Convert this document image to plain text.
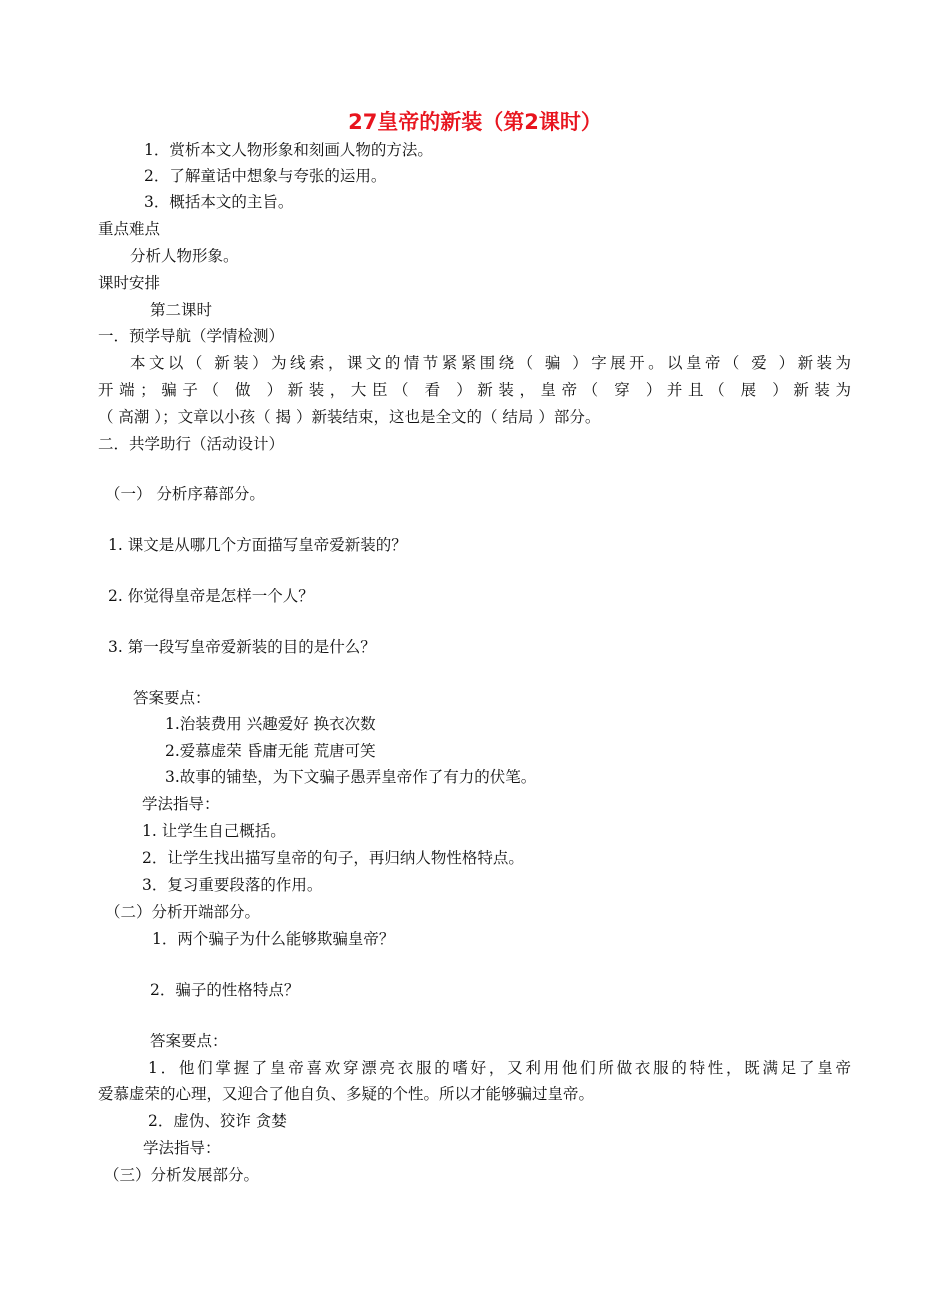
27皇帝的新装（第2课时）
1．赏析本文人物形象和刻画人物的方法。
2．了解童话中想象与夸张的运用。
3．概括本文的主旨。
重点难点
分析人物形象。
课时安排
第二课时
一．预学导航（学情检测）
本文以（ 新装）为线索，课文的情节紧紧围绕（ 骗 ）字展开。以皇帝（ 爱 ）新装为
开端；骗子（ 做 ）新装，大臣（ 看 ）新装，皇帝（ 穿 ）并且（ 展 ）新装为
（ 高潮 ）；文章以小孩（ 揭 ）新装结束，这也是全文的（ 结局 ）部分。
二．共学助行（活动设计）
（一） 分析序幕部分。
1. 课文是从哪几个方面描写皇帝爱新装的？
2. 你觉得皇帝是怎样一个人？
3. 第一段写皇帝爱新装的目的是什么？
答案要点：
1.治装费用 兴趣爱好 换衣次数
2.爱慕虚荣 昏庸无能 荒唐可笑
3.故事的铺垫，为下文骗子愚弄皇帝作了有力的伏笔。
学法指导：
1. 让学生自己概括。
2．让学生找出描写皇帝的句子，再归纳人物性格特点。
3．复习重要段落的作用。
（二）分析开端部分。
1．两个骗子为什么能够欺骗皇帝？
2．骗子的性格特点？
答案要点：
1．他们掌握了皇帝喜欢穿漂亮衣服的嗜好，又利用他们所做衣服的特性，既满足了皇帝
爱慕虚荣的心理，又迎合了他自负、多疑的个性。所以才能够骗过皇帝。
2．虚伪、狡诈 贪婪
学法指导：
（三）分析发展部分。
